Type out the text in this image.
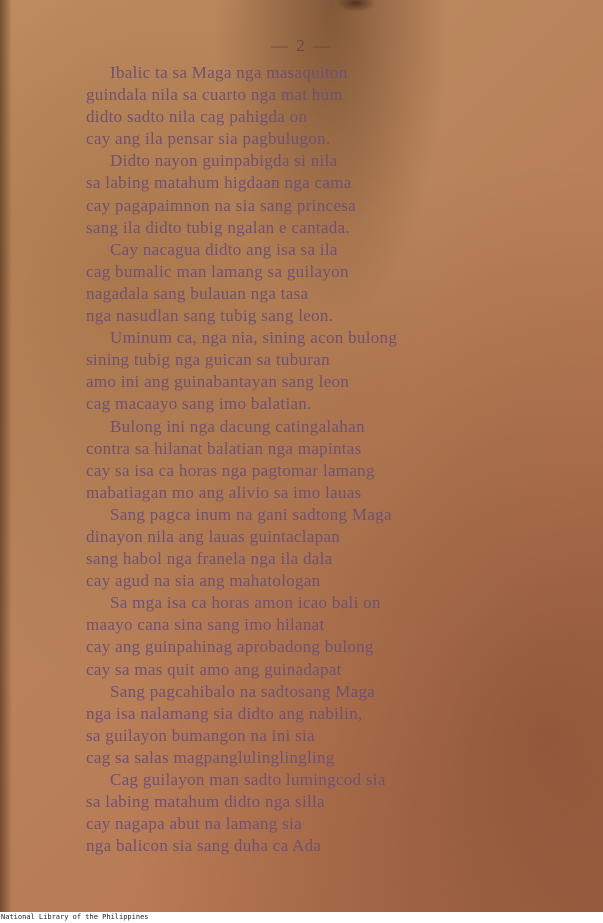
— 2 —
Ibalic ta sa Maga nga masaquiton
guindala nila sa cuarto nga mat hum
didto sadto nila cag pahigda on
cay ang ila pensar sia pagbulugon.
Didto nayon guinpabigda si nila
sa labing matahum higdaan nga cama
cay pagapaimnon na sia sang princesa
sang ila didto tubig ngalan e cantada.
Cay nacagua didto ang isa sa ila
cag bumalic man lamang sa guilayon
nagadala sang bulauan nga tasa
nga nasudlan sang tubig sang leon.
Uminum ca, nga nia, sining acon bulong
sining tubig nga guican sa tuburan
amo ini ang guinabantayan sang leon
cag macaayo sang imo balatian.
Bulong ini nga dacung catingalahan
contra sa hilanat balatian nga mapintas
cay sa isa ca horas nga pagtomar lamang
mabatiagan mo ang alivio sa imo lauas
Sang pagca inum na gani sadtong Maga
dinayon nila ang lauas guintaclapan
sang habol nga franela nga ila dala
cay agud na sia ang mahatologan
Sa mga isa ca horas amon icao bali on
maayo cana sina sang imo hilanat
cay ang guinpahinag aprobadong bulong
cay sa mas quit amo ang guinadapat
Sang pagcahibalo na sadtosang Maga
nga isa nalamang sia didto ang nabilin,
sa guilayon bumangon na ini sia
cag sa salas magpanglulinglingling
Cag guilayon man sadto lumingcod sia
sa labing matahum didto nga silla
cay nagapa abut na lamang sia
nga balicon sia sang duha ca Ada
National Library of the Philippines
